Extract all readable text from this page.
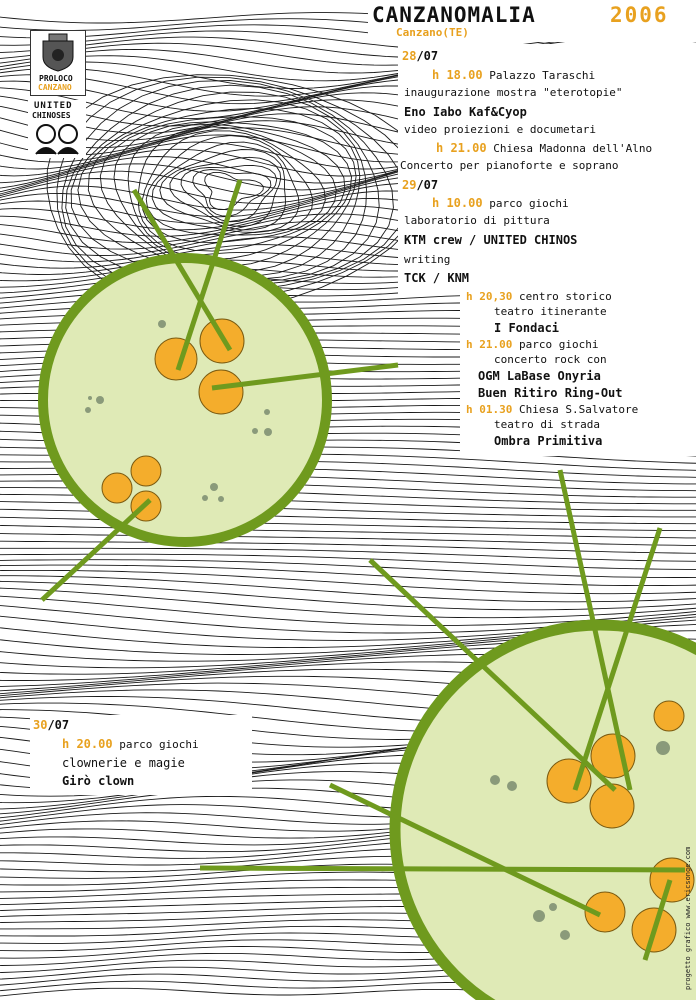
PROLOCO
CANZANO
UNITED
CHINOSES
CANZANOMALIA	2006
Canzano(TE)
28/07
h 18.00 Palazzo Taraschi
inaugurazione mostra "eterotopie"
Eno Iabo Kaf&Cyop
video proiezioni e documetari
h 21.00 Chiesa Madonna dell'Alno
Concerto per pianoforte e soprano
29/07
h 10.00 parco giochi
laboratorio di pittura
KTM crew / UNITED CHINOS
writing
TCK / KNM
h 20,30 centro storico
teatro itinerante
I Fondaci
h 21.00 parco giochi
concerto rock con
OGM LaBase Onyria
Buen Ritiro Ring-Out
h 01.30 Chiesa S.Salvatore
teatro di strada
Ombra Primitiva
30/07
h 20.00 parco giochi
clownerie e magie
Girò clown
progetto grafico www.ericsonge.com
